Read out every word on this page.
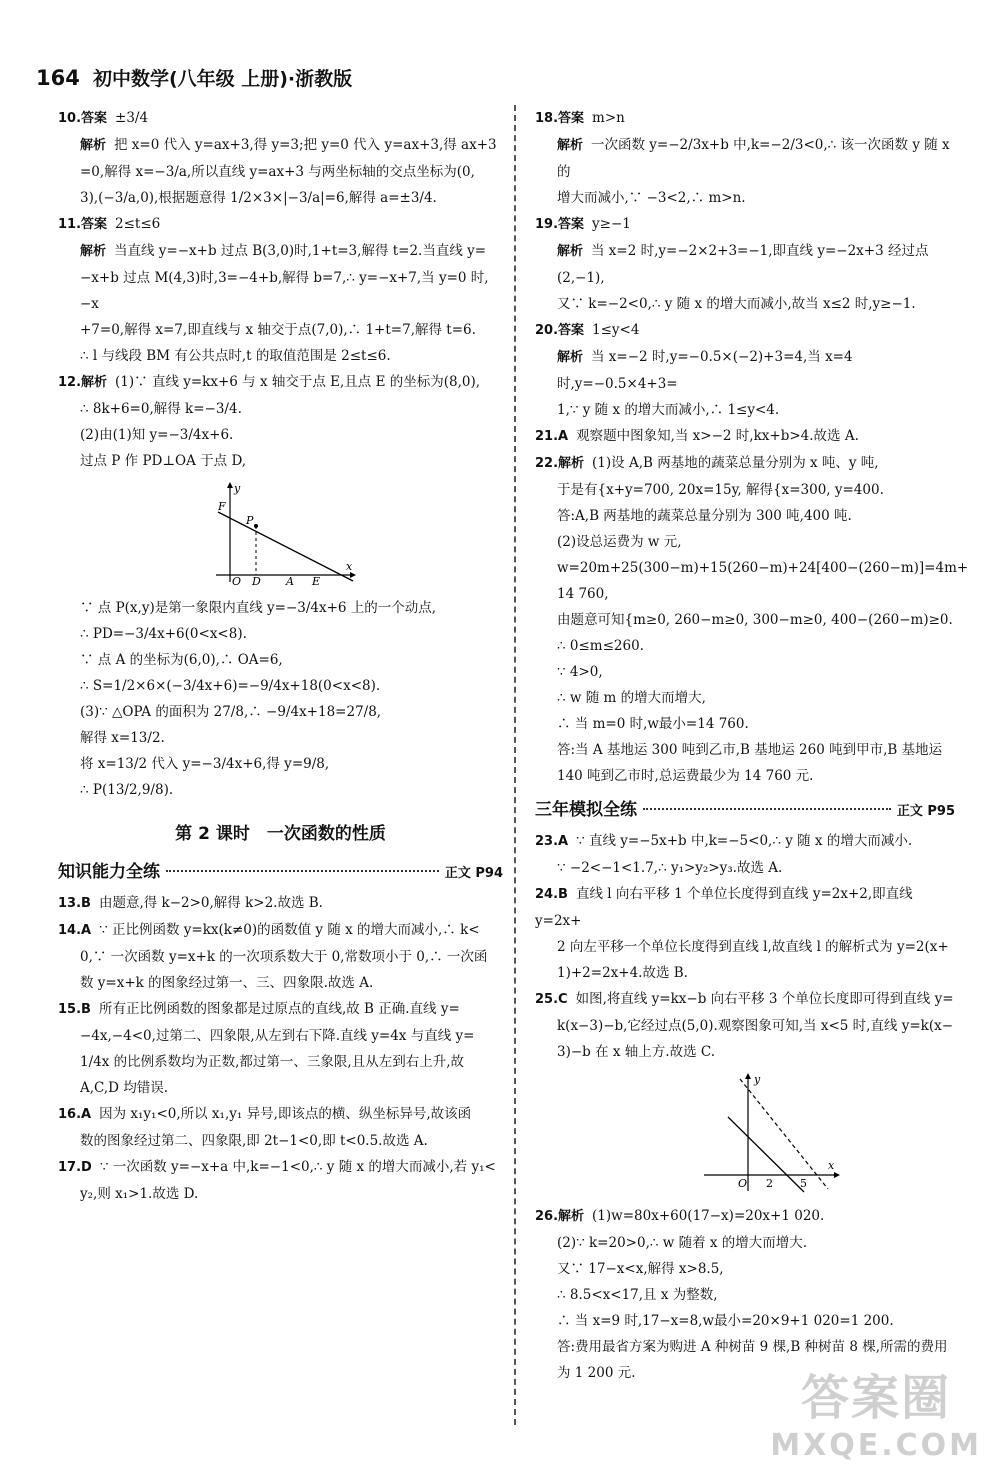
164 初中数学(八年级 上册)·浙教版

10.答案 ±3/4

解析 把 x=0 代入 y=ax+3,得 y=3;把 y=0 代入 y=ax+3,得 ax+3

=0,解得 x=−3/a,所以直线 y=ax+3 与两坐标轴的交点坐标为(0,

3),(−3/a,0),根据题意得 1/2×3×|−3/a|=6,解得 a=±3/4.

11.答案 2≤t≤6

解析 当直线 y=−x+b 过点 B(3,0)时,1+t=3,解得 t=2.当直线 y=

−x+b 过点 M(4,3)时,3=−4+b,解得 b=7,∴ y=−x+7,当 y=0 时,−x

+7=0,解得 x=7,即直线与 x 轴交于点(7,0),∴ 1+t=7,解得 t=6.

∴ l 与线段 BM 有公共点时,t 的取值范围是 2≤t≤6.

12.解析 (1)∵ 直线 y=kx+6 与 x 轴交于点 E,且点 E 的坐标为(8,0),

∴ 8k+6=0,解得 k=−3/4.

(2)由(1)知 y=−3/4x+6.

过点 P 作 PD⊥OA 于点 D,

y
x
F
P
O D A E

∵ 点 P(x,y)是第一象限内直线 y=−3/4x+6 上的一个动点,

∴ PD=−3/4x+6(0<x<8).

∵ 点 A 的坐标为(6,0),∴ OA=6,

∴ S=1/2×6×(−3/4x+6)=−9/4x+18(0<x<8).

(3)∵ △OPA 的面积为 27/8,∴ −9/4x+18=27/8,

解得 x=13/2.

将 x=13/2 代入 y=−3/4x+6,得 y=9/8,

∴ P(13/2,9/8).

第 2 课时　一次函数的性质
知识能力全练	正文 P94

13.B 由题意,得 k−2>0,解得 k>2.故选 B.

14.A ∵ 正比例函数 y=kx(k≠0)的函数值 y 随 x 的增大而减小,∴ k<

0,∵ 一次函数 y=x+k 的一次项系数大于 0,常数项小于 0,∴ 一次函

数 y=x+k 的图象经过第一、三、四象限.故选 A.

15.B 所有正比例函数的图象都是过原点的直线,故 B 正确.直线 y=

−4x,−4<0,过第二、四象限,从左到右下降.直线 y=4x 与直线 y=

1/4x 的比例系数均为正数,都过第一、三象限,且从左到右上升,故

A,C,D 均错误.

16.A 因为 x₁y₁<0,所以 x₁,y₁ 异号,即该点的横、纵坐标异号,故该函

数的图象经过第二、四象限,即 2t−1<0,即 t<0.5.故选 A.

17.D ∵ 一次函数 y=−x+a 中,k=−1<0,∴ y 随 x 的增大而减小,若 y₁<

y₂,则 x₁>1.故选 D.

18.答案 m>n

解析 一次函数 y=−2/3x+b 中,k=−2/3<0,∴ 该一次函数 y 随 x 的

增大而减小,∵ −3<2,∴ m>n.

19.答案 y≥−1

解析 当 x=2 时,y=−2×2+3=−1,即直线 y=−2x+3 经过点(2,−1),

又∵ k=−2<0,∴ y 随 x 的增大而减小,故当 x≤2 时,y≥−1.

20.答案 1≤y<4

解析 当 x=−2 时,y=−0.5×(−2)+3=4,当 x=4 时,y=−0.5×4+3=

1,∵ y 随 x 的增大而减小,∴ 1≤y<4.

21.A 观察题中图象知,当 x>−2 时,kx+b>4.故选 A.

22.解析 (1)设 A,B 两基地的蔬菜总量分别为 x 吨、y 吨,

于是有{x+y=700, 20x=15y, 解得{x=300, y=400.

答:A,B 两基地的蔬菜总量分别为 300 吨,400 吨.

(2)设总运费为 w 元,

w=20m+25(300−m)+15(260−m)+24[400−(260−m)]=4m+

14 760,

由题意可知{m≥0, 260−m≥0, 300−m≥0, 400−(260−m)≥0.

∴ 0≤m≤260.

∵ 4>0,

∴ w 随 m 的增大而增大,

∴ 当 m=0 时,w最小=14 760.

答:当 A 基地运 300 吨到乙市,B 基地运 260 吨到甲市,B 基地运

140 吨到乙市时,总运费最少为 14 760 元.

三年模拟全练	正文 P95

23.A ∵ 直线 y=−5x+b 中,k=−5<0,∴ y 随 x 的增大而减小.

∵ −2<−1<1.7,∴ y₁>y₂>y₃.故选 A.

24.B 直线 l 向右平移 1 个单位长度得到直线 y=2x+2,即直线 y=2x+

2 向左平移一个单位长度得到直线 l,故直线 l 的解析式为 y=2(x+

1)+2=2x+4.故选 B.

25.C 如图,将直线 y=kx−b 向右平移 3 个单位长度即可得到直线 y=

k(x−3)−b,它经过点(5,0).观察图象可知,当 x<5 时,直线 y=k(x−

3)−b 在 x 轴上方.故选 C.

y
x
O 2 5

26.解析 (1)w=80x+60(17−x)=20x+1 020.

(2)∵ k=20>0,∴ w 随着 x 的增大而增大.

又∵ 17−x<x,解得 x>8.5,

∴ 8.5<x<17,且 x 为整数,

∴ 当 x=9 时,17−x=8,w最小=20×9+1 020=1 200.

答:费用最省方案为购进 A 种树苗 9 棵,B 种树苗 8 棵,所需的费用

为 1 200 元.	答案圈
MXQE.COM
